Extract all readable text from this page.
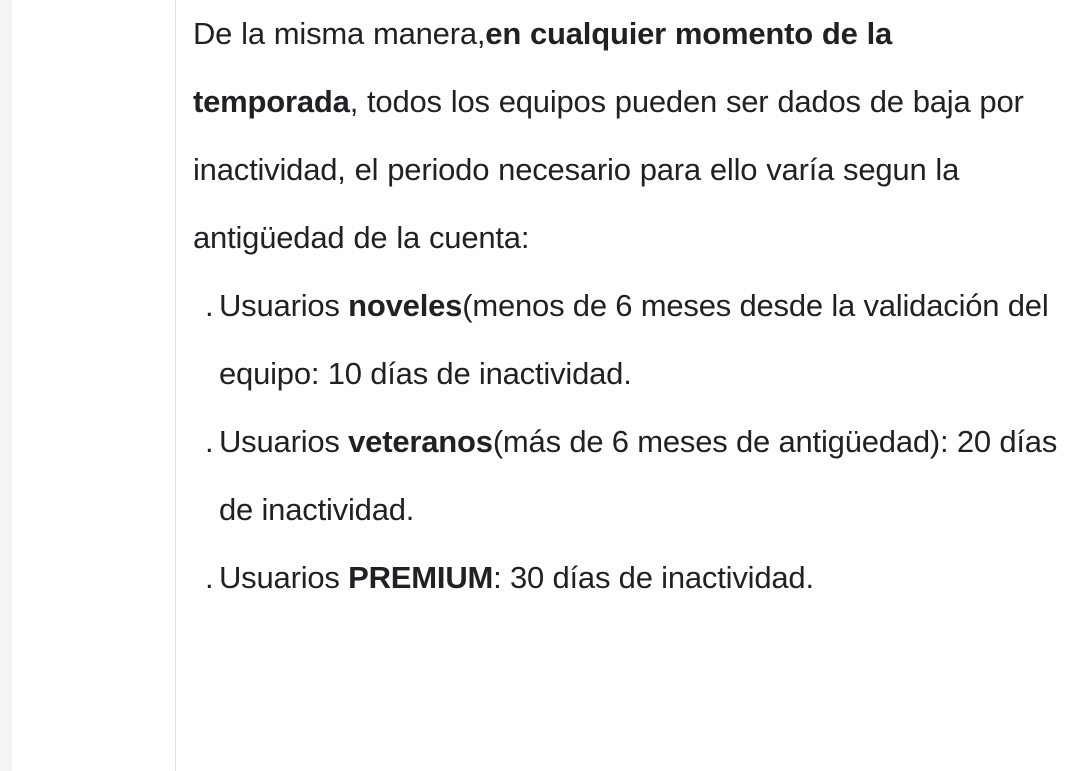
De la misma manera,en cualquier momento de la temporada, todos los equipos pueden ser dados de baja por inactividad, el periodo necesario para ello varía segun la antigüedad de la cuenta:

. Usuarios noveles(menos de 6 meses desde la validación del equipo: 10 días de inactividad.
. Usuarios veteranos(más de 6 meses de antigüedad): 20 días de inactividad.
. Usuarios PREMIUM: 30 días de inactividad.
